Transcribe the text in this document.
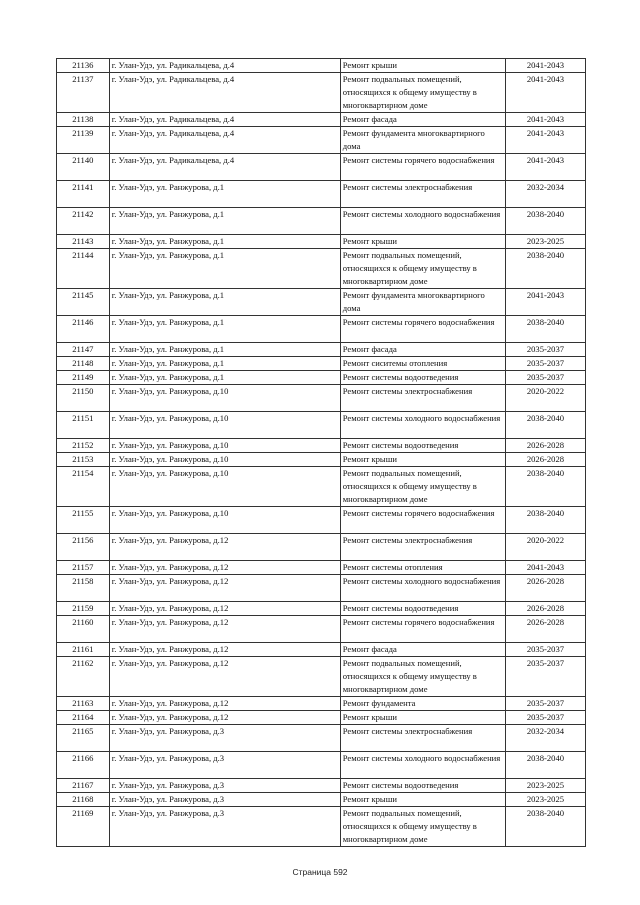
21136	г. Улан-Удэ, ул. Радикальцева, д.4	Ремонт крыши	2041-2043
21137	г. Улан-Удэ, ул. Радикальцева, д.4	Ремонт подвальных помещений, относящихся к общему имуществу в многоквартирном доме	2041-2043
21138	г. Улан-Удэ, ул. Радикальцева, д.4	Ремонт фасада	2041-2043
21139	г. Улан-Удэ, ул. Радикальцева, д.4	Ремонт фундамента многоквартирного дома	2041-2043
21140	г. Улан-Удэ, ул. Радикальцева, д.4	Ремонт системы горячего водоснабжения	2041-2043
21141	г. Улан-Удэ, ул. Ранжурова, д.1	Ремонт системы электроснабжения	2032-2034
21142	г. Улан-Удэ, ул. Ранжурова, д.1	Ремонт системы холодного водоснабжения	2038-2040
21143	г. Улан-Удэ, ул. Ранжурова, д.1	Ремонт крыши	2023-2025
21144	г. Улан-Удэ, ул. Ранжурова, д.1	Ремонт подвальных помещений, относящихся к общему имуществу в многоквартирном доме	2038-2040
21145	г. Улан-Удэ, ул. Ранжурова, д.1	Ремонт фундамента многоквартирного дома	2041-2043
21146	г. Улан-Удэ, ул. Ранжурова, д.1	Ремонт системы горячего водоснабжения	2038-2040
21147	г. Улан-Удэ, ул. Ранжурова, д.1	Ремонт фасада	2035-2037
21148	г. Улан-Удэ, ул. Ранжурова, д.1	Ремонт сиситемы отопления	2035-2037
21149	г. Улан-Удэ, ул. Ранжурова, д.1	Ремонт системы водоотведения	2035-2037
21150	г. Улан-Удэ, ул. Ранжурова, д.10	Ремонт системы электроснабжения	2020-2022
21151	г. Улан-Удэ, ул. Ранжурова, д.10	Ремонт системы холодного водоснабжения	2038-2040
21152	г. Улан-Удэ, ул. Ранжурова, д.10	Ремонт системы водоотведения	2026-2028
21153	г. Улан-Удэ, ул. Ранжурова, д.10	Ремонт крыши	2026-2028
21154	г. Улан-Удэ, ул. Ранжурова, д.10	Ремонт подвальных помещений, относящихся к общему имуществу в многоквартирном доме	2038-2040
21155	г. Улан-Удэ, ул. Ранжурова, д.10	Ремонт системы горячего водоснабжения	2038-2040
21156	г. Улан-Удэ, ул. Ранжурова, д.12	Ремонт системы электроснабжения	2020-2022
21157	г. Улан-Удэ, ул. Ранжурова, д.12	Ремонт системы отопления	2041-2043
21158	г. Улан-Удэ, ул. Ранжурова, д.12	Ремонт системы холодного водоснабжения	2026-2028
21159	г. Улан-Удэ, ул. Ранжурова, д.12	Ремонт системы водоотведения	2026-2028
21160	г. Улан-Удэ, ул. Ранжурова, д.12	Ремонт системы горячего водоснабжения	2026-2028
21161	г. Улан-Удэ, ул. Ранжурова, д.12	Ремонт фасада	2035-2037
21162	г. Улан-Удэ, ул. Ранжурова, д.12	Ремонт подвальных помещений, относящихся к общему имуществу в многоквартирном доме	2035-2037
21163	г. Улан-Удэ, ул. Ранжурова, д.12	Ремонт фундамента	2035-2037
21164	г. Улан-Удэ, ул. Ранжурова, д.12	Ремонт крыши	2035-2037
21165	г. Улан-Удэ, ул. Ранжурова, д.3	Ремонт системы электроснабжения	2032-2034
21166	г. Улан-Удэ, ул. Ранжурова, д.3	Ремонт системы холодного водоснабжения	2038-2040
21167	г. Улан-Удэ, ул. Ранжурова, д.3	Ремонт системы водоотведения	2023-2025
21168	г. Улан-Удэ, ул. Ранжурова, д.3	Ремонт крыши	2023-2025
21169	г. Улан-Удэ, ул. Ранжурова, д.3	Ремонт подвальных помещений, относящихся к общему имуществу в многоквартирном доме	2038-2040
Страница 592
